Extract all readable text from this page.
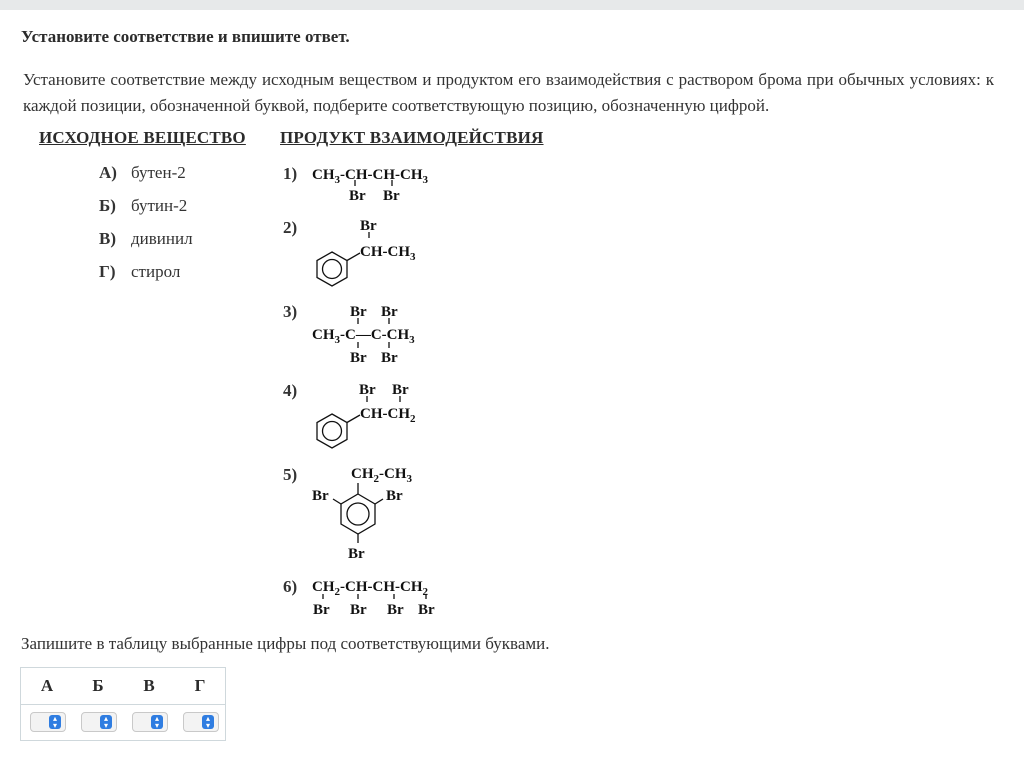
Установите соответствие и впишите ответ.
Установите соответствие между исходным веществом и продуктом его взаимодействия с раствором брома при обычных условиях: к каждой позиции, обозначенной буквой, подберите соответствующую позицию, обозначенную цифрой.
ИСХОДНОЕ ВЕЩЕСТВО ПРОДУКТ ВЗАИМОДЕЙСТВИЯ
А) бутен-2
Б) бутин-2
В) дивинил
Г) стирол
1)
2)
3)
4)
5)
6)
$CH_3-CH-CH-CH_3$
Br Br
Br
$CH-CH_3$
Br Br
$CH_3-C—C-CH_3$
Br Br
Br Br
$CH-CH_2$
$CH_2-CH_3$
Br	Br
Br
$CH_2-CH-CH-CH_2$
Br Br Br Br
Запишите в таблицу выбранные цифры под соответствующими буквами.
А	Б	В	Г
▴
▾
▴
▾
▴
▾
▴
▾
